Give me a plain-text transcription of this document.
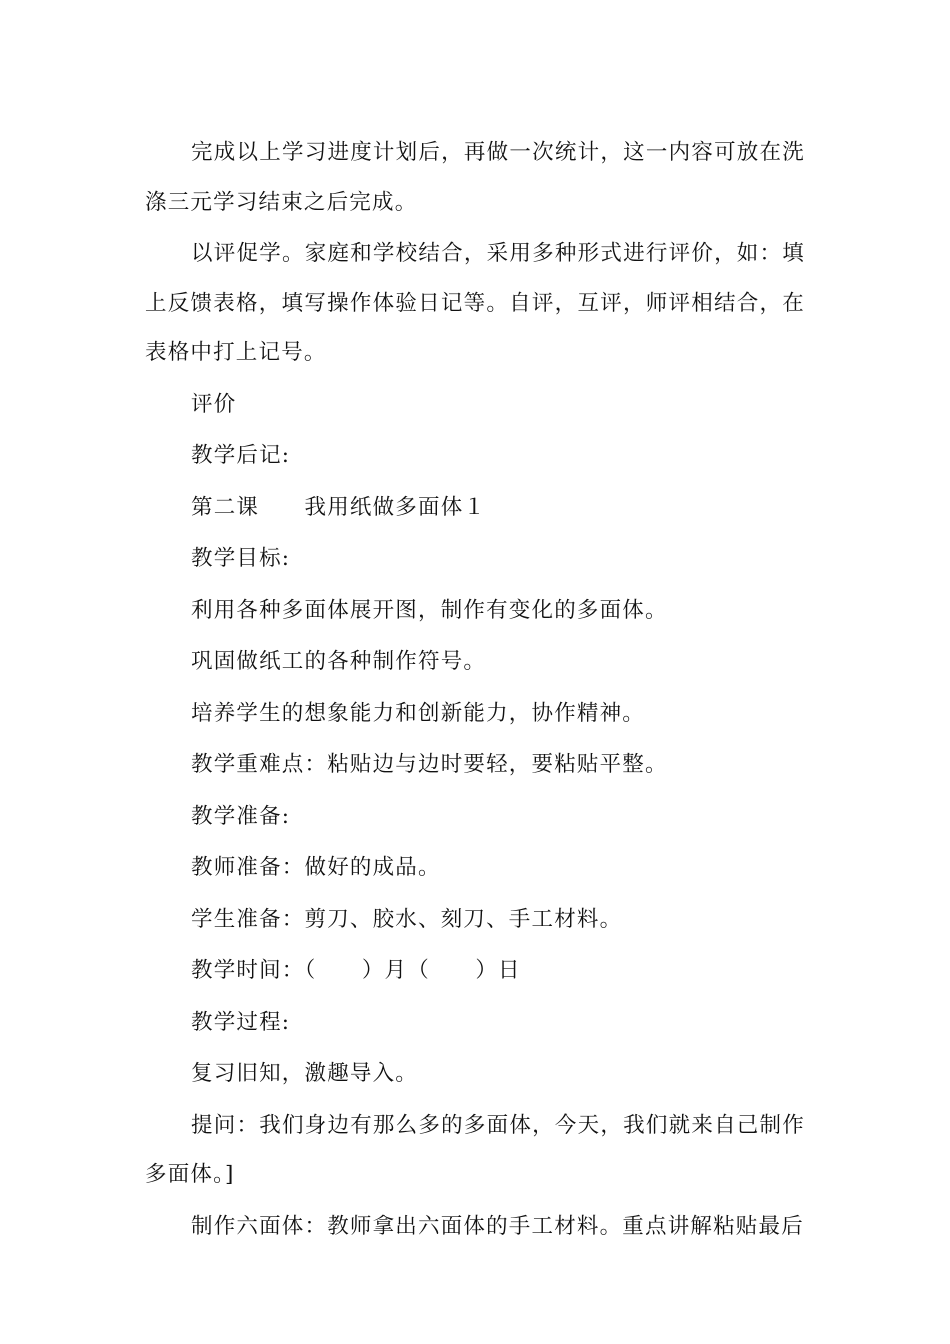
完成以上学习进度计划后，再做一次统计，这一内容可放在洗涤三元学习结束之后完成。

以评促学。家庭和学校结合，采用多种形式进行评价，如：填上反馈表格，填写操作体验日记等。自评，互评，师评相结合，在表格中打上记号。

评价

教学后记:

第二课　　我用纸做多面体１

教学目标:

利用各种多面体展开图，制作有变化的多面体。

巩固做纸工的各种制作符号。

培养学生的想象能力和创新能力，协作精神。

教学重难点：粘贴边与边时要轻，要粘贴平整。

教学准备:

教师准备：做好的成品。

学生准备：剪刀、胶水、刻刀、手工材料。

教学时间：（　　）月（　　）日

教学过程:

复习旧知，激趣导入。

提问：我们身边有那么多的多面体，今天，我们就来自己制作多面体。]

制作六面体：教师拿出六面体的手工材料。重点讲解粘贴最后
